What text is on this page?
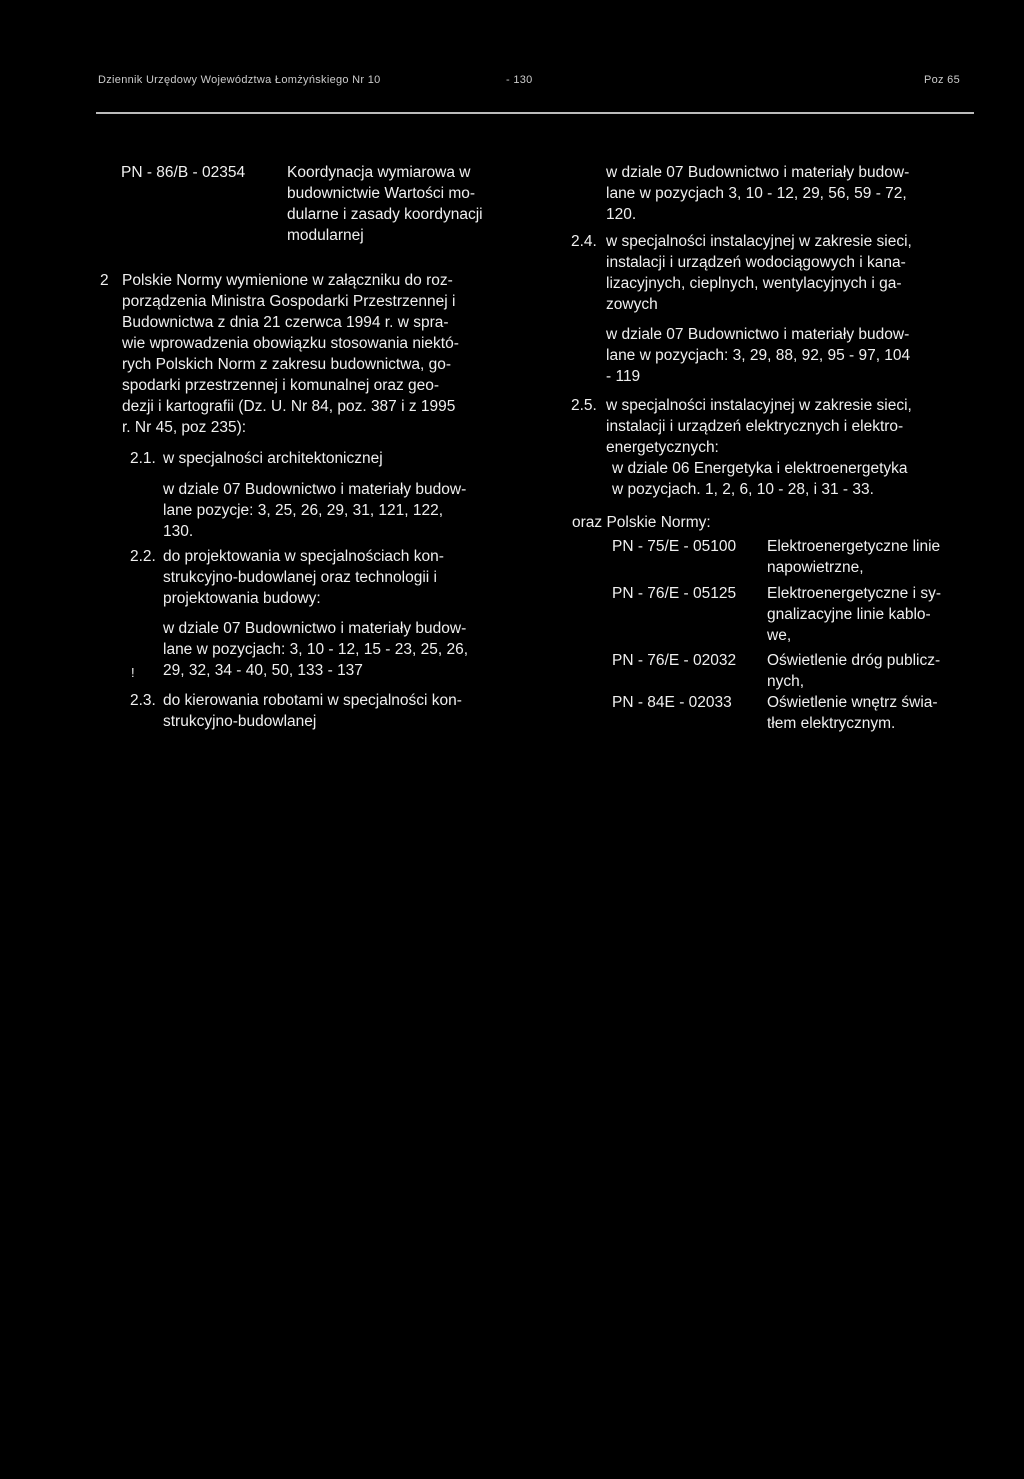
Dziennik Urzędowy Województwa Łomżyńskiego Nr 10	- 130	Poz 65
PN - 86/B - 02354	Koordynacja wymiarowa w
budownictwie Wartości mo-
dularne i zasady koordynacji
modularnej
2 Polskie Normy wymienione w załączniku do roz-
porządzenia Ministra Gospodarki Przestrzennej i
Budownictwa z dnia 21 czerwca 1994 r. w spra-
wie wprowadzenia obowiązku stosowania niektó-
rych Polskich Norm z zakresu budownictwa, go-
spodarki przestrzennej i komunalnej oraz geo-
dezji i kartografii (Dz. U. Nr 84, poz. 387 i z 1995
r. Nr 45, poz 235):
2.1. w specjalności architektonicznej
w dziale 07 Budownictwo i materiały budow-
lane pozycje: 3, 25, 26, 29, 31, 121, 122,
130.
2.2. do projektowania w specjalnościach kon-
strukcyjno-budowlanej oraz technologii i
projektowania budowy:
w dziale 07 Budownictwo i materiały budow-
lane w pozycjach: 3, 10 - 12, 15 - 23, 25, 26,
29, 32, 34 - 40, 50, 133 - 137
!
2.3. do kierowania robotami w specjalności kon-
strukcyjno-budowlanej
w dziale 07 Budownictwo i materiały budow-
lane w pozycjach 3, 10 - 12, 29, 56, 59 - 72,
120.
2.4. w specjalności instalacyjnej w zakresie sieci,
instalacji i urządzeń wodociągowych i kana-
lizacyjnych, cieplnych, wentylacyjnych i ga-
zowych
w dziale 07 Budownictwo i materiały budow-
lane w pozycjach: 3, 29, 88, 92, 95 - 97, 104
- 119
2.5. w specjalności instalacyjnej w zakresie sieci,
instalacji i urządzeń elektrycznych i elektro-
energetycznych:
w dziale 06 Energetyka i elektroenergetyka
w pozycjach. 1, 2, 6, 10 - 28, i 31 - 33.
oraz Polskie Normy:
PN - 75/E - 05100 Elektroenergetyczne linie
napowietrzne,
PN - 76/E - 05125 Elektroenergetyczne i sy-
gnalizacyjne linie kablo-
we,
PN - 76/E - 02032 Oświetlenie dróg publicz-
nych,
PN - 84E - 02033 Oświetlenie wnętrz świa-
tłem elektrycznym.
